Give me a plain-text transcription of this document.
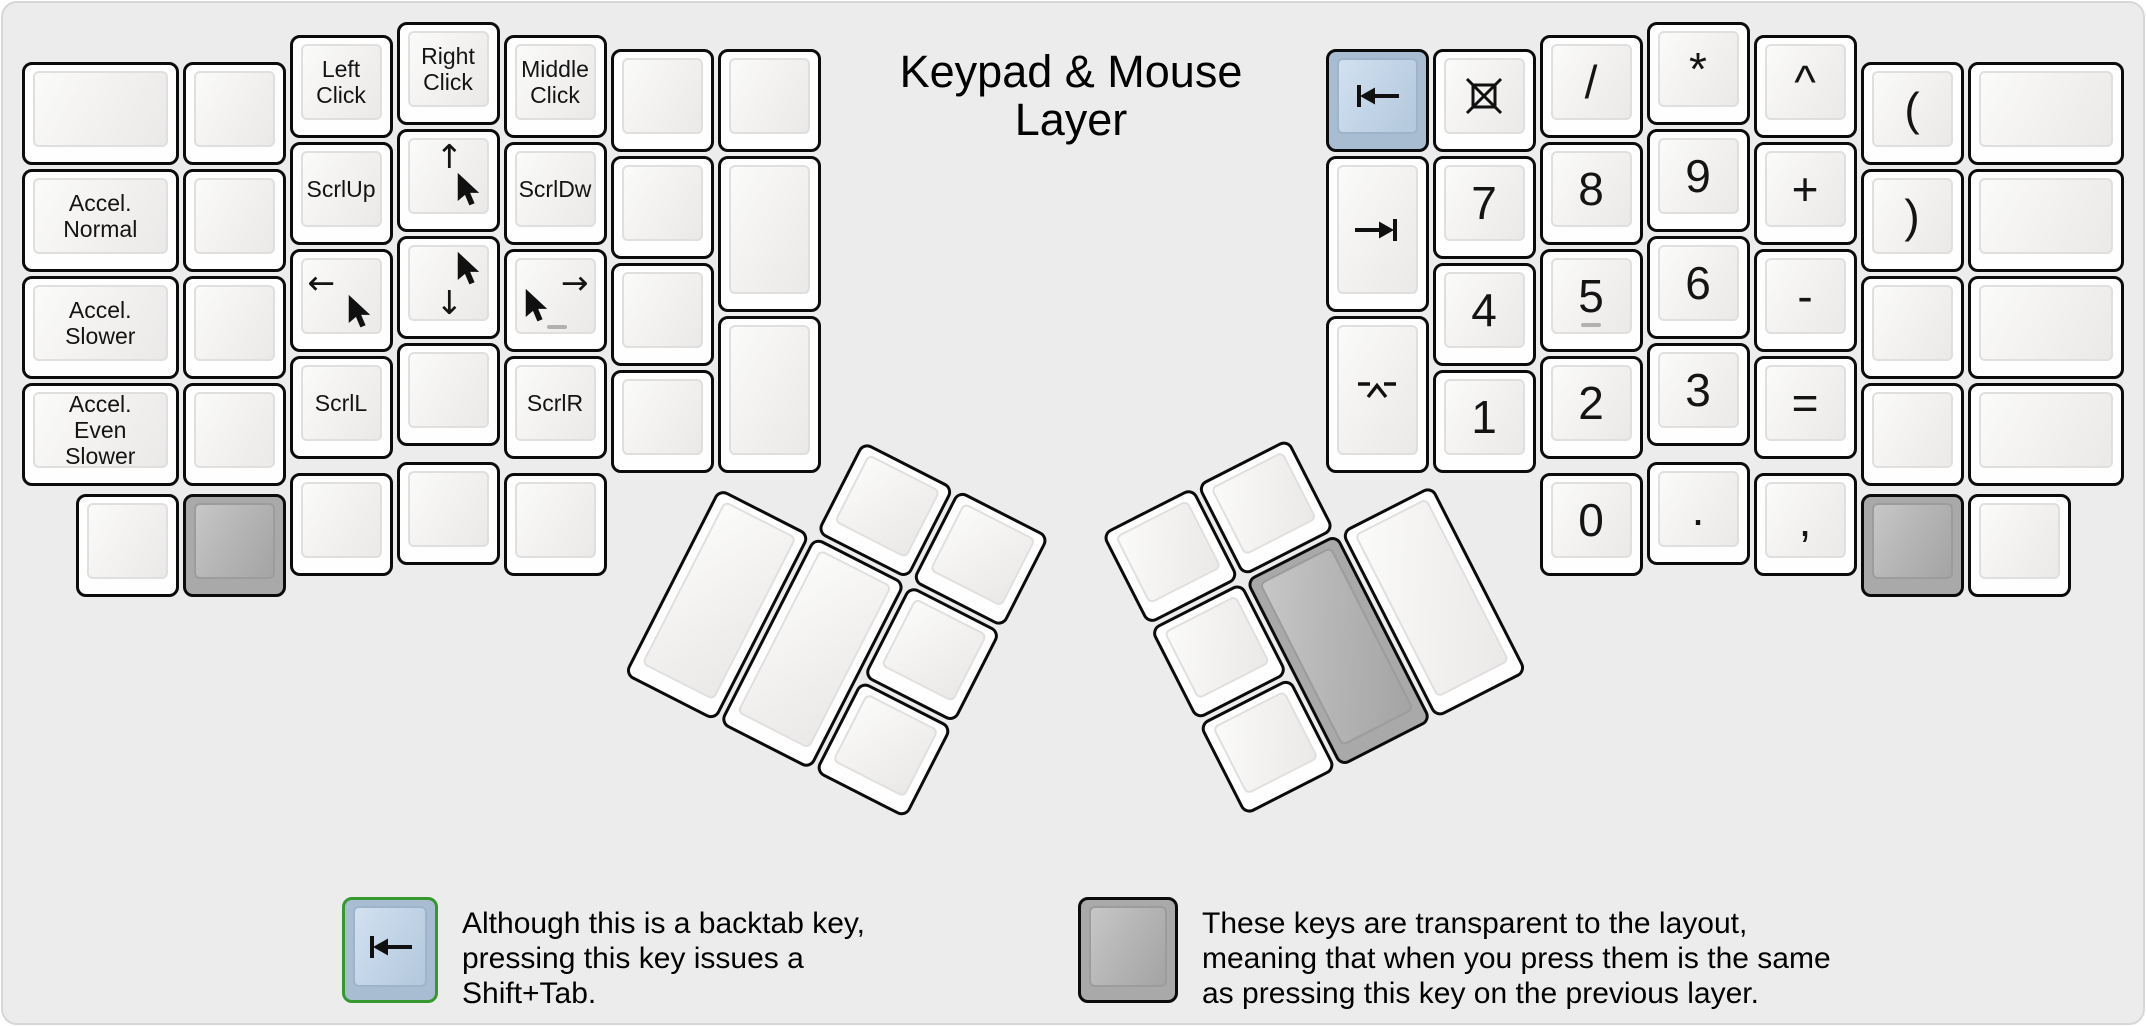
Keypad & Mouse
Layer
Accel.
Normal
Accel.
Slower
Accel.
Even
Slower
Left
Click
ScrlUp
←
ScrlL
Right
Click
↑
↓
Middle
Click
ScrlDw
→
ScrlR
7
4
1
/
8
5
2
0
*
9
6
3
.
^
+
-
=
,
(
)
Although this is a backtab key,
pressing this key issues a
Shift+Tab.
These keys are transparent to the layout,
meaning that when you press them is the same
as pressing this key on the previous layer.
